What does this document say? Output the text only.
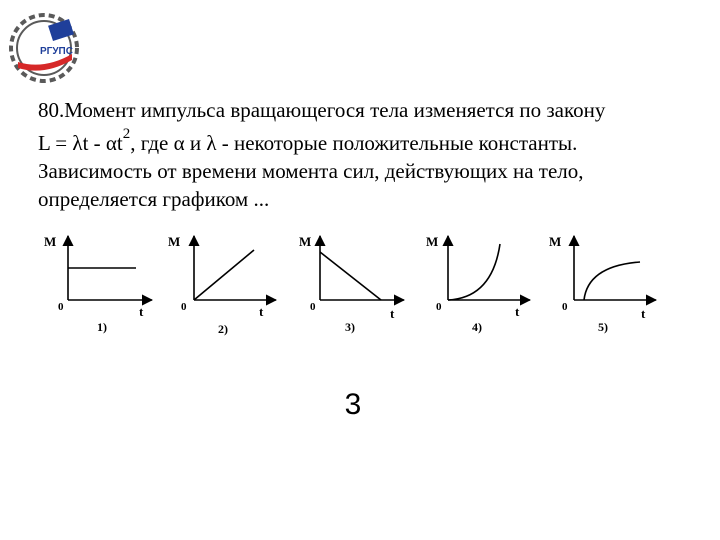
РГУПС
80.Момент импульса вращающегося тела изменяется по закону
$L = \lambda t - \alpha t^2$, где α и λ - некоторые положительные константы.
Зависимость от времени момента сил, действующих на тело,
определяется графиком ...
M
0	t
1)
M
0	t
2)
M
0	t
3)
M
0	t
4)
M
0	t
5)
3
